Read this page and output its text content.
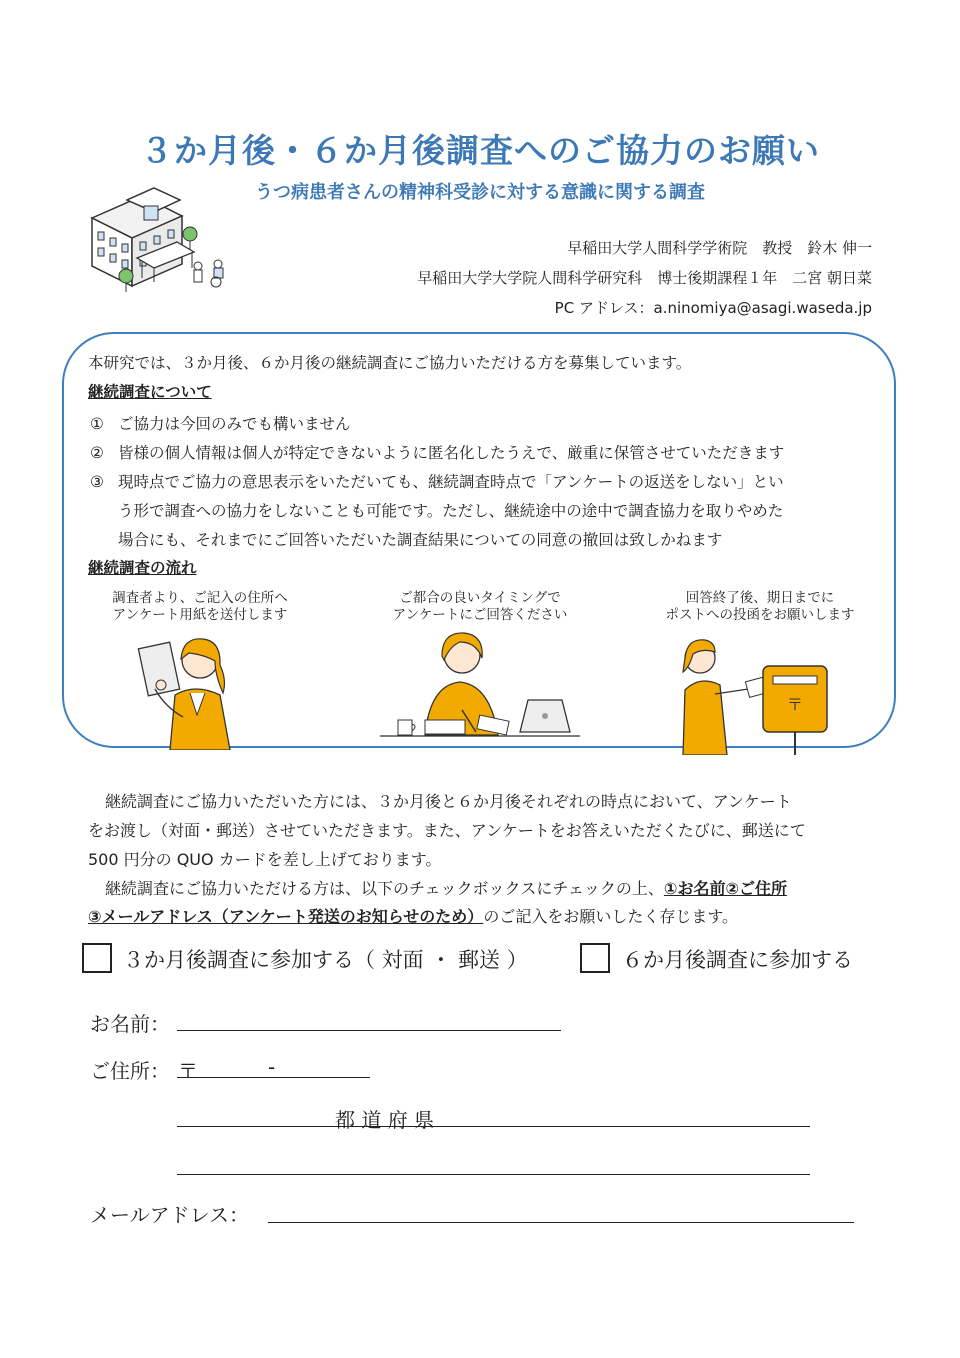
３か月後・６か月後調査へのご協力のお願い
うつ病患者さんの精神科受診に対する意識に関する調査
早稲田大学人間科学学術院　教授　鈴木 伸一
早稲田大学大学院人間科学研究科　博士後期課程１年　二宮 朝日菜
PC アドレス：a.ninomiya@asagi.waseda.jp
本研究では、３か月後、６か月後の継続調査にご協力いただける方を募集しています。
継続調査について
① ご協力は今回のみでも構いません
② 皆様の個人情報は個人が特定できないように匿名化したうえで、厳重に保管させていただきます
③ 現時点でご協力の意思表示をいただいても、継続調査時点で「アンケートの返送をしない」とい
う形で調査への協力をしないことも可能です。ただし、継続途中の途中で調査協力を取りやめた
場合にも、それまでにご回答いただいた調査結果についての同意の撤回は致しかねます
継続調査の流れ
調査者より、ご記入の住所へ
アンケート用紙を送付します
ご都合の良いタイミングで
アンケートにご回答ください
回答終了後、期日までに
ポストへの投函をお願いします
〒
継続調査にご協力いただいた方には、３か月後と６か月後それぞれの時点において、アンケート
をお渡し（対面・郵送）させていただきます。また、アンケートをお答えいただくたびに、郵送にて
500 円分の QUO カードを差し上げております。
継続調査にご協力いただける方は、以下のチェックボックスにチェックの上、①お名前②ご住所
③メールアドレス（アンケート発送のお知らせのため）のご記入をお願いしたく存じます。
３か月後調査に参加する（ 対面 ・ 郵送 ）	６か月後調査に参加する
お名前：
ご住所： 〒	-
都 道 府 県
メールアドレス：
